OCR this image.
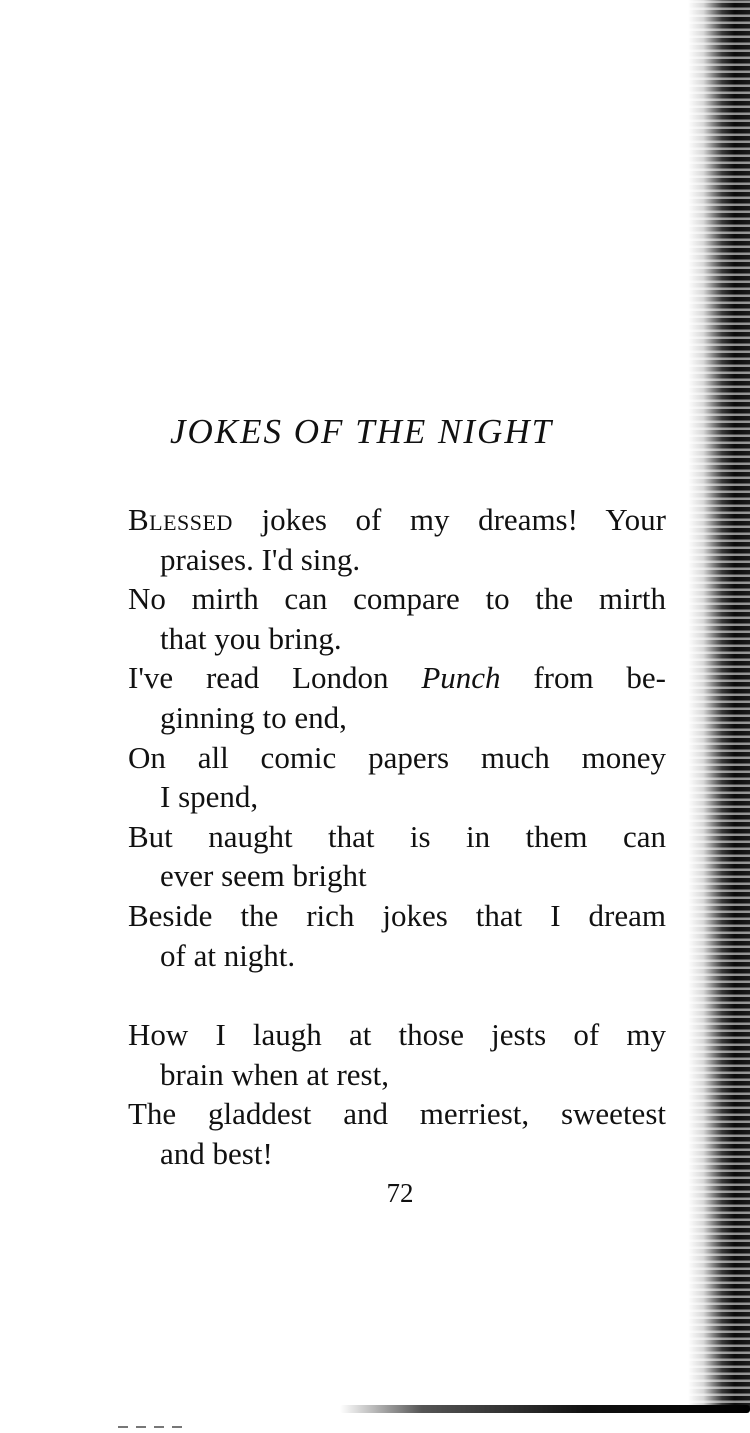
JOKES OF THE NIGHT

Blessed jokes of my dreams! Your

praises. I'd sing.

No mirth can compare to the mirth

that you bring.

I've read London Punch from be-

ginning to end,

On all comic papers much money

I spend,

But naught that is in them can

ever seem bright

Beside the rich jokes that I dream

of at night.

How I laugh at those jests of my

brain when at rest,

The gladdest and merriest, sweetest

and best!

72
